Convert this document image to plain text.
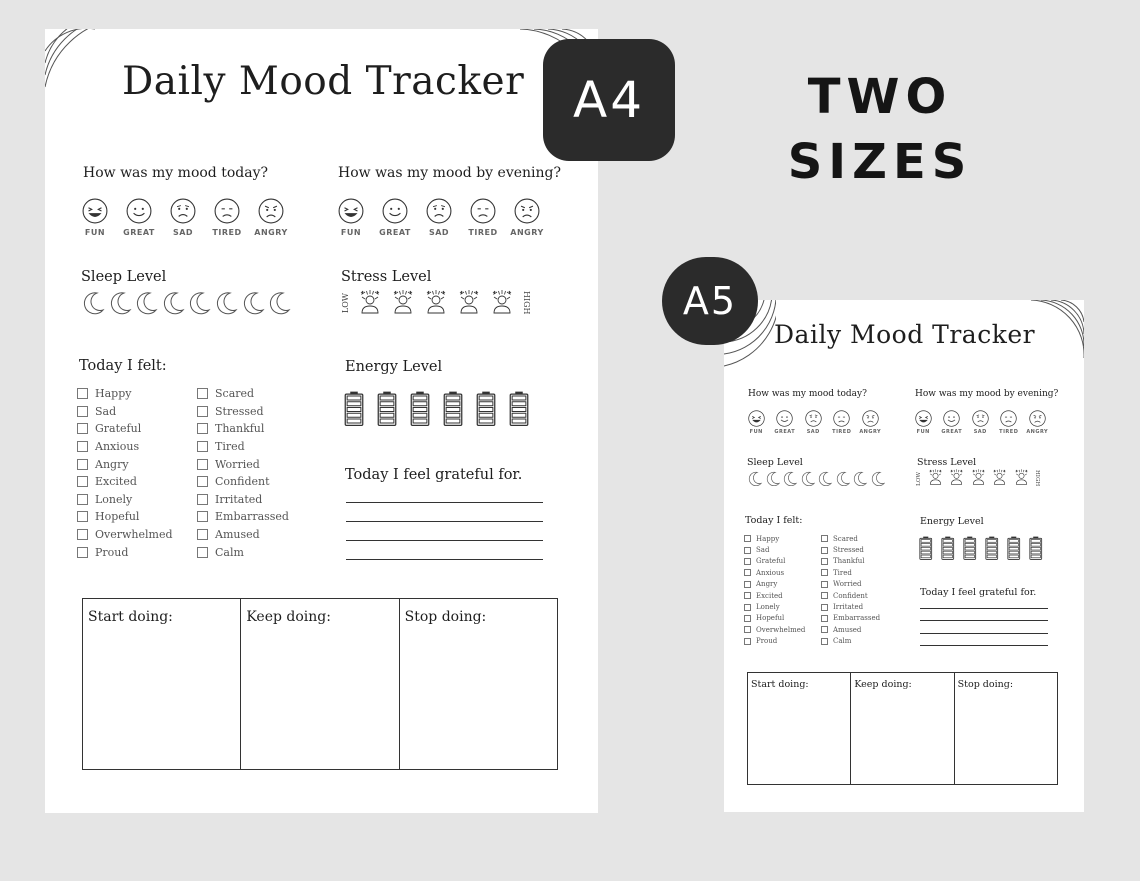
Daily Mood Tracker
How was my mood today?	How was my mood by evening?
FUN GREAT SAD TIRED ANGRY	FUN GREAT SAD TIRED ANGRY
Sleep Level	Stress Level
LOW	HIGH
Today I felt:
Happy
Sad
Grateful
Anxious
Angry
Excited
Lonely
Hopeful
Overwhelmed
Proud
Scared
Stressed
Thankful
Tired
Worried
Confident
Irritated
Embarrassed
Amused
Calm
Energy Level
Today I feel grateful for.
Start doing:	Keep doing:	Stop doing:
Daily Mood Tracker
How was my mood today?	How was my mood by evening?
FUN GREAT SAD TIRED ANGRY	FUN GREAT SAD TIRED ANGRY
Sleep Level	Stress Level
LOW	HIGH
Today I felt:
Happy
Sad
Grateful
Anxious
Angry
Excited
Lonely
Hopeful
Overwhelmed
Proud
Scared
Stressed
Thankful
Tired
Worried
Confident
Irritated
Embarrassed
Amused
Calm
Energy Level
Today I feel grateful for.
Start doing:	Keep doing:	Stop doing:
A4
A5
TWO
SIZES
